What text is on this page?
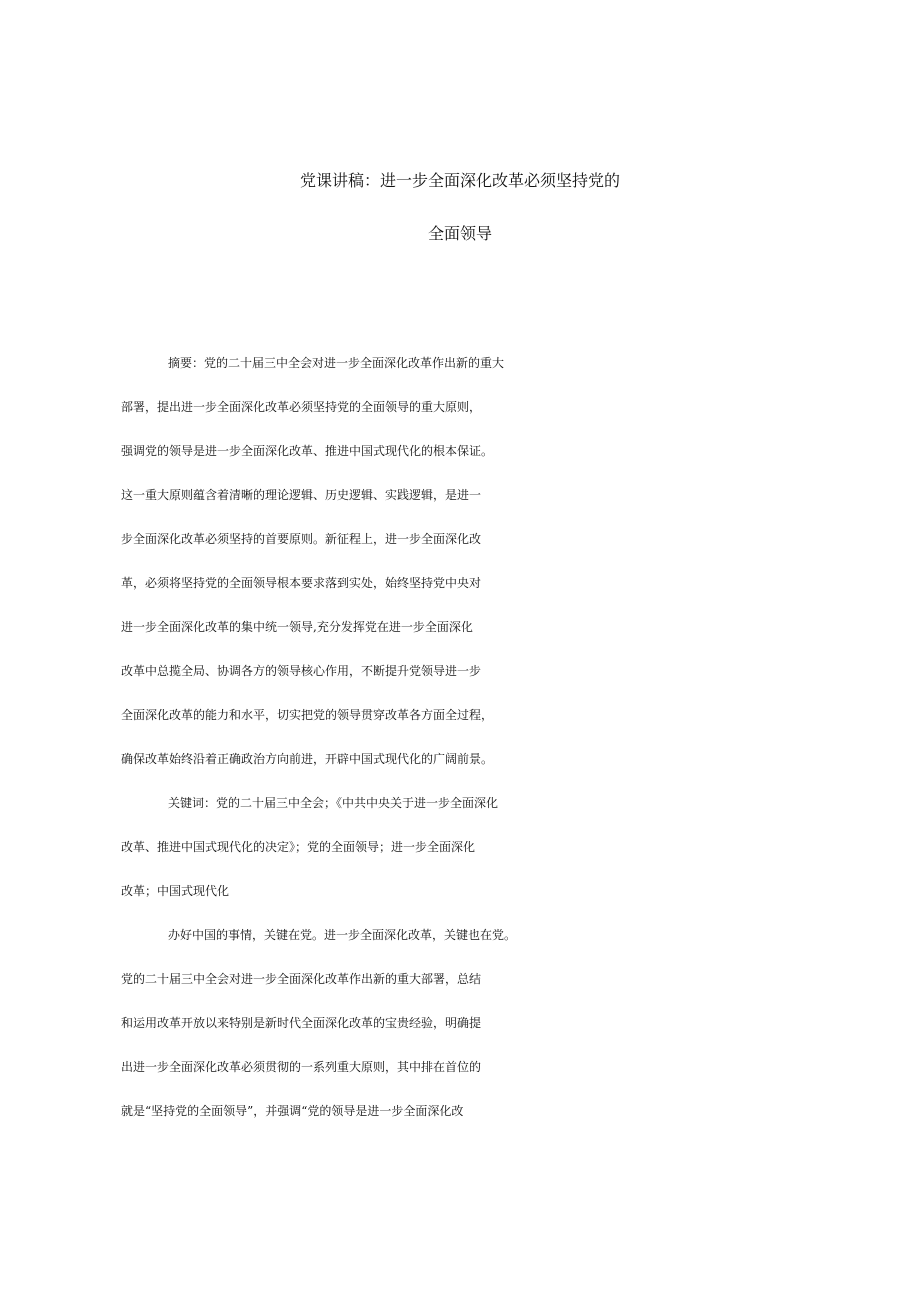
党课讲稿：进一步全面深化改革必须坚持党的
全面领导
摘要：党的二十届三中全会对进一步全面深化改革作出新的重大
部署，提出进一步全面深化改革必须坚持党的全面领导的重大原则，
强调党的领导是进一步全面深化改革、推进中国式现代化的根本保证。
这一重大原则蕴含着清晰的理论逻辑、历史逻辑、实践逻辑，是进一
步全面深化改革必须坚持的首要原则。新征程上，进一步全面深化改
革，必须将坚持党的全面领导根本要求落到实处，始终坚持党中央对
进一步全面深化改革的集中统一领导,充分发挥党在进一步全面深化
改革中总揽全局、协调各方的领导核心作用，不断提升党领导进一步
全面深化改革的能力和水平，切实把党的领导贯穿改革各方面全过程，
确保改革始终沿着正确政治方向前进，开辟中国式现代化的广阔前景。
关键词：党的二十届三中全会；《中共中央关于进一步全面深化
改革、推进中国式现代化的决定》；党的全面领导；进一步全面深化
改革；中国式现代化
办好中国的事情，关键在党。进一步全面深化改革，关键也在党。
党的二十届三中全会对进一步全面深化改革作出新的重大部署，总结
和运用改革开放以来特别是新时代全面深化改革的宝贵经验，明确提
出进一步全面深化改革必须贯彻的一系列重大原则，其中排在首位的
就是“坚持党的全面领导”，并强调“党的领导是进一步全面深化改
